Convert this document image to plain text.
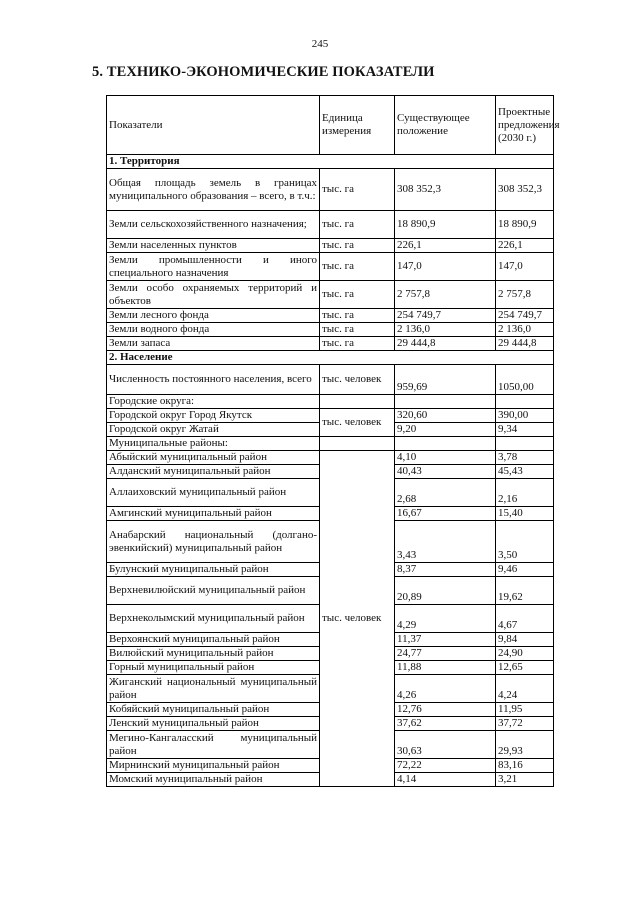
245
5. ТЕХНИКО-ЭКОНОМИЧЕСКИЕ ПОКАЗАТЕЛИ
Показатели	Единица измерения	Существующее положение	Проектные предложения (2030 г.)
1. Территория			
Общая площадь земель в границах муниципального образования – всего, в т.ч.:	тыс. га	308 352,3	308 352,3
Земли сельскохозяйственного назначения;	тыс. га	18 890,9	18 890,9
Земли населенных пунктов	тыс. га	226,1	226,1
Земли промышленности и иного специального назначения	тыс. га	147,0	147,0
Земли особо охраняемых территорий и объектов	тыс. га	2 757,8	2 757,8
Земли лесного фонда	тыс. га	254 749,7	254 749,7
Земли водного фонда	тыс. га	2 136,0	2 136,0
Земли запаса	тыс. га	29 444,8	29 444,8
2. Население			
Численность постоянного населения, всего	тыс. человек	959,69	1050,00
Городские округа:			
Городской округ Город Якутск	тыс. человек	320,60	390,00
Городской округ Жатай		9,20	9,34
Муниципальные районы:			
Абыйский муниципальный район	тыс. человек	4,10	3,78
Алданский муниципальный район		40,43	45,43
Аллаиховский муниципальный район		2,68	2,16
Амгинский муниципальный район		16,67	15,40
Анабарский национальный (долгано-эвенкийский) муниципальный район		3,43	3,50
Булунский муниципальный район		8,37	9,46
Верхневилюйский муниципальный район		20,89	19,62
Верхнеколымский муниципальный район		4,29	4,67
Верхоянский муниципальный район		11,37	9,84
Вилюйский муниципальный район		24,77	24,90
Горный муниципальный район		11,88	12,65
Жиганский национальный муниципальный район		4,26	4,24
Кобяйский муниципальный район		12,76	11,95
Ленский муниципальный район		37,62	37,72
Мегино-Кангаласский муниципальный район		30,63	29,93
Мирнинский муниципальный район		72,22	83,16
Момский муниципальный район		4,14	3,21
